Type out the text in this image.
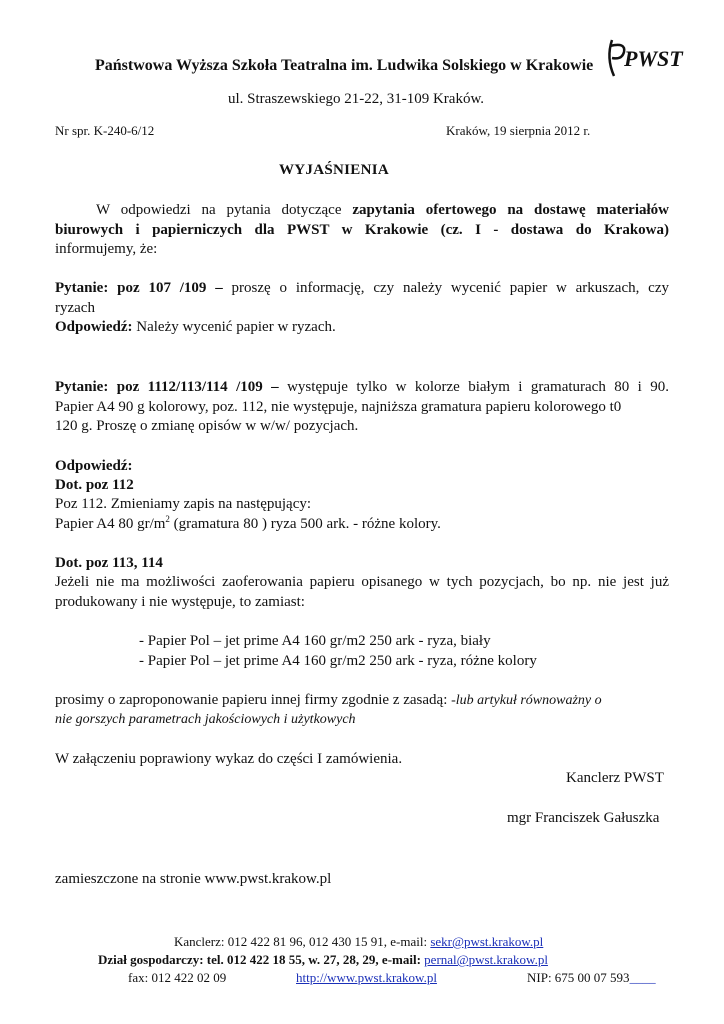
Państwowa Wyższa Szkoła Teatralna im. Ludwika Solskiego w Krakowie	PWST
ul. Straszewskiego 21-22, 31-109 Kraków.
Nr spr. K-240-6/12	Kraków, 19 sierpnia 2012 r.
WYJAŚNIENIA
W odpowiedzi na pytania dotyczące zapytania ofertowego na dostawę materiałów
biurowych i papierniczych dla PWST w Krakowie (cz. I - dostawa do Krakowa)
informujemy, że:
Pytanie: poz 107 /109 – proszę o informację, czy należy wycenić papier w arkuszach, czy
ryzach
Odpowiedź: Należy wycenić papier w ryzach.
Pytanie: poz 1112/113/114 /109 – występuje tylko w kolorze białym i gramaturach 80 i 90.
Papier A4 90 g kolorowy, poz. 112, nie występuje, najniższa gramatura papieru kolorowego t0
120 g. Proszę o zmianę opisów w w/w/ pozycjach.
Odpowiedź:
Dot. poz 112
Poz 112. Zmieniamy zapis na następujący:
Papier A4 80 $gr/m^2$ (gramatura 80 ) ryza 500 ark. - różne kolory.
Dot. poz 113, 114
Jeżeli nie ma możliwości zaoferowania papieru opisanego w tych pozycjach, bo np. nie jest już
produkowany i nie występuje, to zamiast:
- Papier Pol – jet prime A4 160 gr/m2 250 ark - ryza, biały
- Papier Pol – jet prime A4 160 gr/m2 250 ark - ryza, różne kolory
prosimy o zaproponowanie papieru innej firmy zgodnie z zasadą: -lub artykuł równoważny o
nie gorszych parametrach jakościowych i użytkowych
W załączeniu poprawiony wykaz do części I zamówienia.
Kanclerz PWST
mgr Franciszek Gałuszka
zamieszczone na stronie www.pwst.krakow.pl
Kanclerz: 012 422 81 96, 012 430 15 91, e-mail: sekr@pwst.krakow.pl
Dział gospodarczy: tel. 012 422 18 55, w. 27, 28, 29, e-mail: pernal@pwst.krakow.pl
fax: 012 422 02 09	http://www.pwst.krakow.pl	NIP: 675 00 07 593____
